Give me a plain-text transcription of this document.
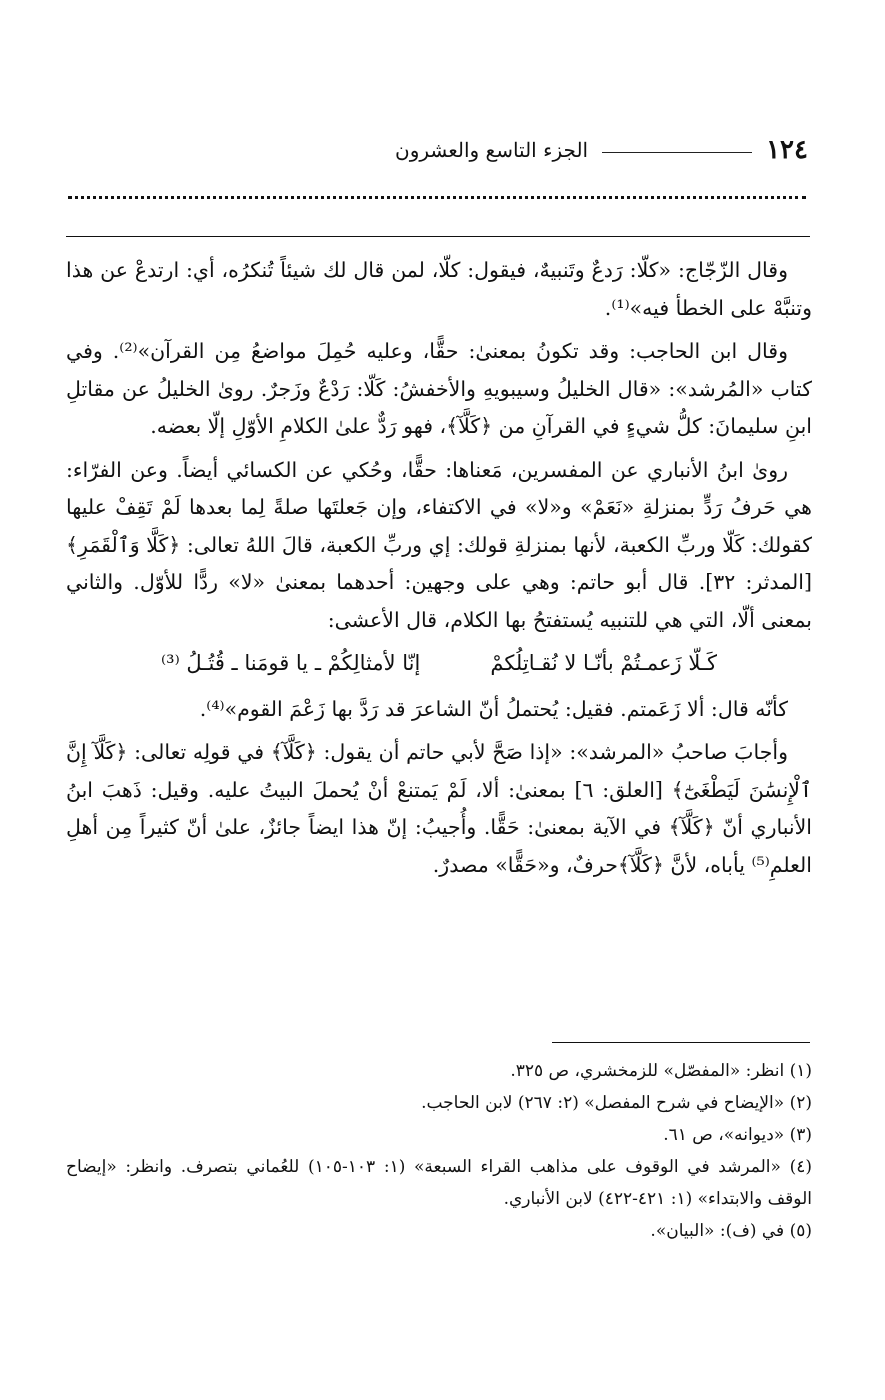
١٢٤
الجزء التاسع والعشرون

وقال الزّجّاج: «كلّا: رَدعٌ وتَنبيهٌ، فيقول: كلّا، لمن قال لك شيئاً تُنكرُه، أي: ارتدعْ عن هذا وتنبَّهْ على الخطأ فيه»⁽¹⁾.

وقال ابن الحاجب: وقد تكونُ بمعنىٰ: حقًّا، وعليه حُمِلَ مواضعُ مِن القرآن»⁽²⁾. وفي كتاب «المُرشد»: «قال الخليلُ وسيبويهِ والأخفشُ: كَلّا: رَدْعٌ وزَجرٌ. روىٰ الخليلُ عن مقاتلِ ابنِ سليمانَ: كلُّ شيءٍ في القرآنِ من ﴿كَلَّآ﴾، فهو رَدٌّ علىٰ الكلامِ الأوّلِ إلّا بعضه.

روىٰ ابنُ الأنباري عن المفسرين، مَعناها: حقًّا، وحُكي عن الكسائي أيضاً. وعن الفرّاء: هي حَرفُ رَدٍّ بمنزلةِ «نَعَمْ» و«لا» في الاكتفاء، وإن جَعلتَها صلةً لِما بعدها لَمْ تَقِفْ عليها كقولك: كَلّا وربِّ الكعبة، لأنها بمنزلةِ قولك: إي وربِّ الكعبة، قالَ اللهُ تعالى: ﴿كَلَّا وَٱلْقَمَرِ﴾ [المدثر: ٣٢]. قال أبو حاتم: وهي على وجهين: أحدهما بمعنىٰ «لا» ردًّا للأوّل. والثاني بمعنى ألّا، التي هي للتنبيه يُستفتحُ بها الكلام، قال الأعشى:

كَـلّا زَعمـتُمْ بأنّـا لا نُقـاتِلُكمْ
إنّا لأمثالِكُمْ ـ يا قومَنا ـ قُتُـلُ ⁽³⁾

كأنّه قال: ألا زَعَمتم. فقيل: يُحتملُ أنّ الشاعرَ قد رَدَّ بها زَعْمَ القوم»⁽⁴⁾.

وأجابَ صاحبُ «المرشد»: «إذا صَحَّ لأبي حاتم أن يقول: ﴿كَلَّآ﴾ في قولِه تعالى: ﴿كَلَّآ إِنَّ ٱلْإِنسَٰنَ لَيَطْغَىٰٓ﴾ [العلق: ٦] بمعنىٰ: ألا، لَمْ يَمتنعْ أنْ يُحملَ البيتُ عليه. وقيل: ذَهبَ ابنُ الأنباري أنّ ﴿كَلَّآ﴾ في الآية بمعنىٰ: حَقًّا. وأُجيبُ: إنّ هذا ايضاً جائزٌ، علىٰ أنّ كثيراً مِن أهلِ العلمِ⁽⁵⁾ يأباه، لأنَّ ﴿كَلَّآ﴾حرفٌ، و«حَقًّا» مصدرٌ.

(١) انظر: «المفصّل» للزمخشري، ص ٣٢٥.

(٢) «الإيضاح في شرح المفصل» (٢: ٢٦٧) لابن الحاجب.

(٣) «ديوانه»، ص ٦١.

(٤) «المرشد في الوقوف على مذاهب القراء السبعة» (١: ١٠٣-١٠٥) للعُماني بتصرف. وانظر: «إيضاح الوقف والابتداء» (١: ٤٢١-٤٢٢) لابن الأنباري.

(٥) في (ف): «البيان».
